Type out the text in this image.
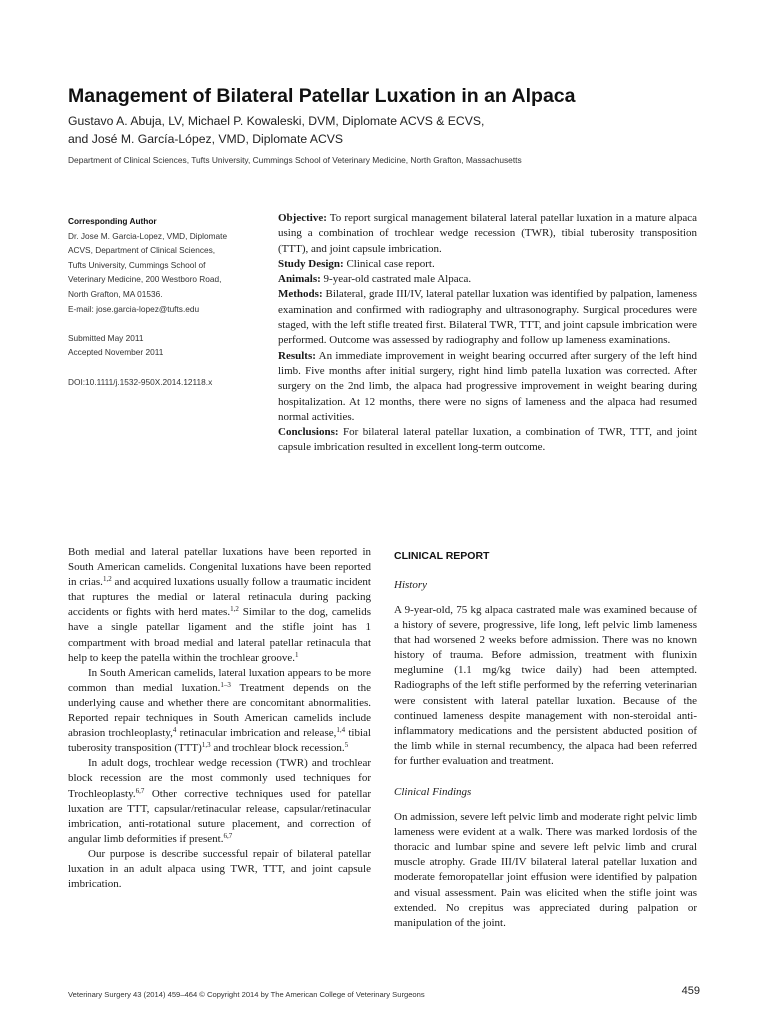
Management of Bilateral Patellar Luxation in an Alpaca
Gustavo A. Abuja, LV, Michael P. Kowaleski, DVM, Diplomate ACVS & ECVS,
and José M. García-López, VMD, Diplomate ACVS
Department of Clinical Sciences, Tufts University, Cummings School of Veterinary Medicine, North Grafton, Massachusetts
Corresponding Author
Dr. Jose M. Garcia-Lopez, VMD, Diplomate
ACVS, Department of Clinical Sciences,
Tufts University, Cummings School of
Veterinary Medicine, 200 Westboro Road,
North Grafton, MA 01536.
E-mail: jose.garcia-lopez@tufts.edu
Submitted May 2011
Accepted November 2011
DOI:10.1111/j.1532-950X.2014.12118.x

Objective: To report surgical management bilateral lateral patellar luxation in a mature alpaca using a combination of trochlear wedge recession (TWR), tibial tuberosity transposition (TTT), and joint capsule imbrication.

Study Design: Clinical case report.

Animals: 9-year-old castrated male Alpaca.

Methods: Bilateral, grade III/IV, lateral patellar luxation was identified by palpation, lameness examination and confirmed with radiography and ultrasonography. Surgical procedures were staged, with the left stifle treated first. Bilateral TWR, TTT, and joint capsule imbrication were performed. Outcome was assessed by radiography and follow up lameness examinations.

Results: An immediate improvement in weight bearing occurred after surgery of the left hind limb. Five months after initial surgery, right hind limb patella luxation was corrected. After surgery on the 2nd limb, the alpaca had progressive improvement in weight bearing during hospitalization. At 12 months, there were no signs of lameness and the alpaca had resumed normal activities.

Conclusions: For bilateral lateral patellar luxation, a combination of TWR, TTT, and joint capsule imbrication resulted in excellent long-term outcome.

Both medial and lateral patellar luxations have been reported in South American camelids. Congenital luxations have been reported in crias.$^{1,2}$ and acquired luxations usually follow a traumatic incident that ruptures the medial or lateral retinacula during packing accidents or fights with herd mates.$^{1,2}$ Similar to the dog, camelids have a single patellar ligament and the stifle joint has 1 compartment with broad medial and lateral patellar retinacula that help to keep the patella within the trochlear groove.$^1$

In South American camelids, lateral luxation appears to be more common than medial luxation.$^{1-3}$ Treatment depends on the underlying cause and whether there are concomitant abnormalities. Reported repair techniques in South American camelids include abrasion trochleoplasty,$^4$ retinacular imbrication and release,$^{1,4}$ tibial tuberosity transposition (TTT)$^{1,3}$ and trochlear block recession.$^5$

In adult dogs, trochlear wedge recession (TWR) and trochlear block recession are the most commonly used techniques for Trochleoplasty.$^{6,7}$ Other corrective techniques used for patellar luxation are TTT, capsular/retinacular release, capsular/retinacular imbrication, anti-rotational suture placement, and correction of angular limb deformities if present.$^{6,7}$

Our purpose is describe successful repair of bilateral patellar luxation in an adult alpaca using TWR, TTT, and joint capsule imbrication.

CLINICAL REPORT
History

A 9-year-old, 75 kg alpaca castrated male was examined because of a history of severe, progressive, life long, left pelvic limb lameness that had worsened 2 weeks before admission. There was no known history of trauma. Before admission, treatment with flunixin meglumine (1.1 mg/kg twice daily) had been attempted. Radiographs of the left stifle performed by the referring veterinarian were consistent with lateral patellar luxation. Because of the continued lameness despite management with non-steroidal anti-inflammatory medications and the persistent abducted position of the limb while in sternal recumbency, the alpaca had been referred for further evaluation and treatment.

Clinical Findings

On admission, severe left pelvic limb and moderate right pelvic limb lameness were evident at a walk. There was marked lordosis of the thoracic and lumbar spine and severe left pelvic limb and crural muscle atrophy. Grade III/IV bilateral lateral patellar luxation and moderate femoropatellar joint effusion were identified by palpation and visual assessment. Pain was elicited when the stifle joint was extended. No crepitus was appreciated during palpation or manipulation of the joint.

Veterinary Surgery 43 (2014) 459–464 © Copyright 2014 by The American College of Veterinary Surgeons	459
